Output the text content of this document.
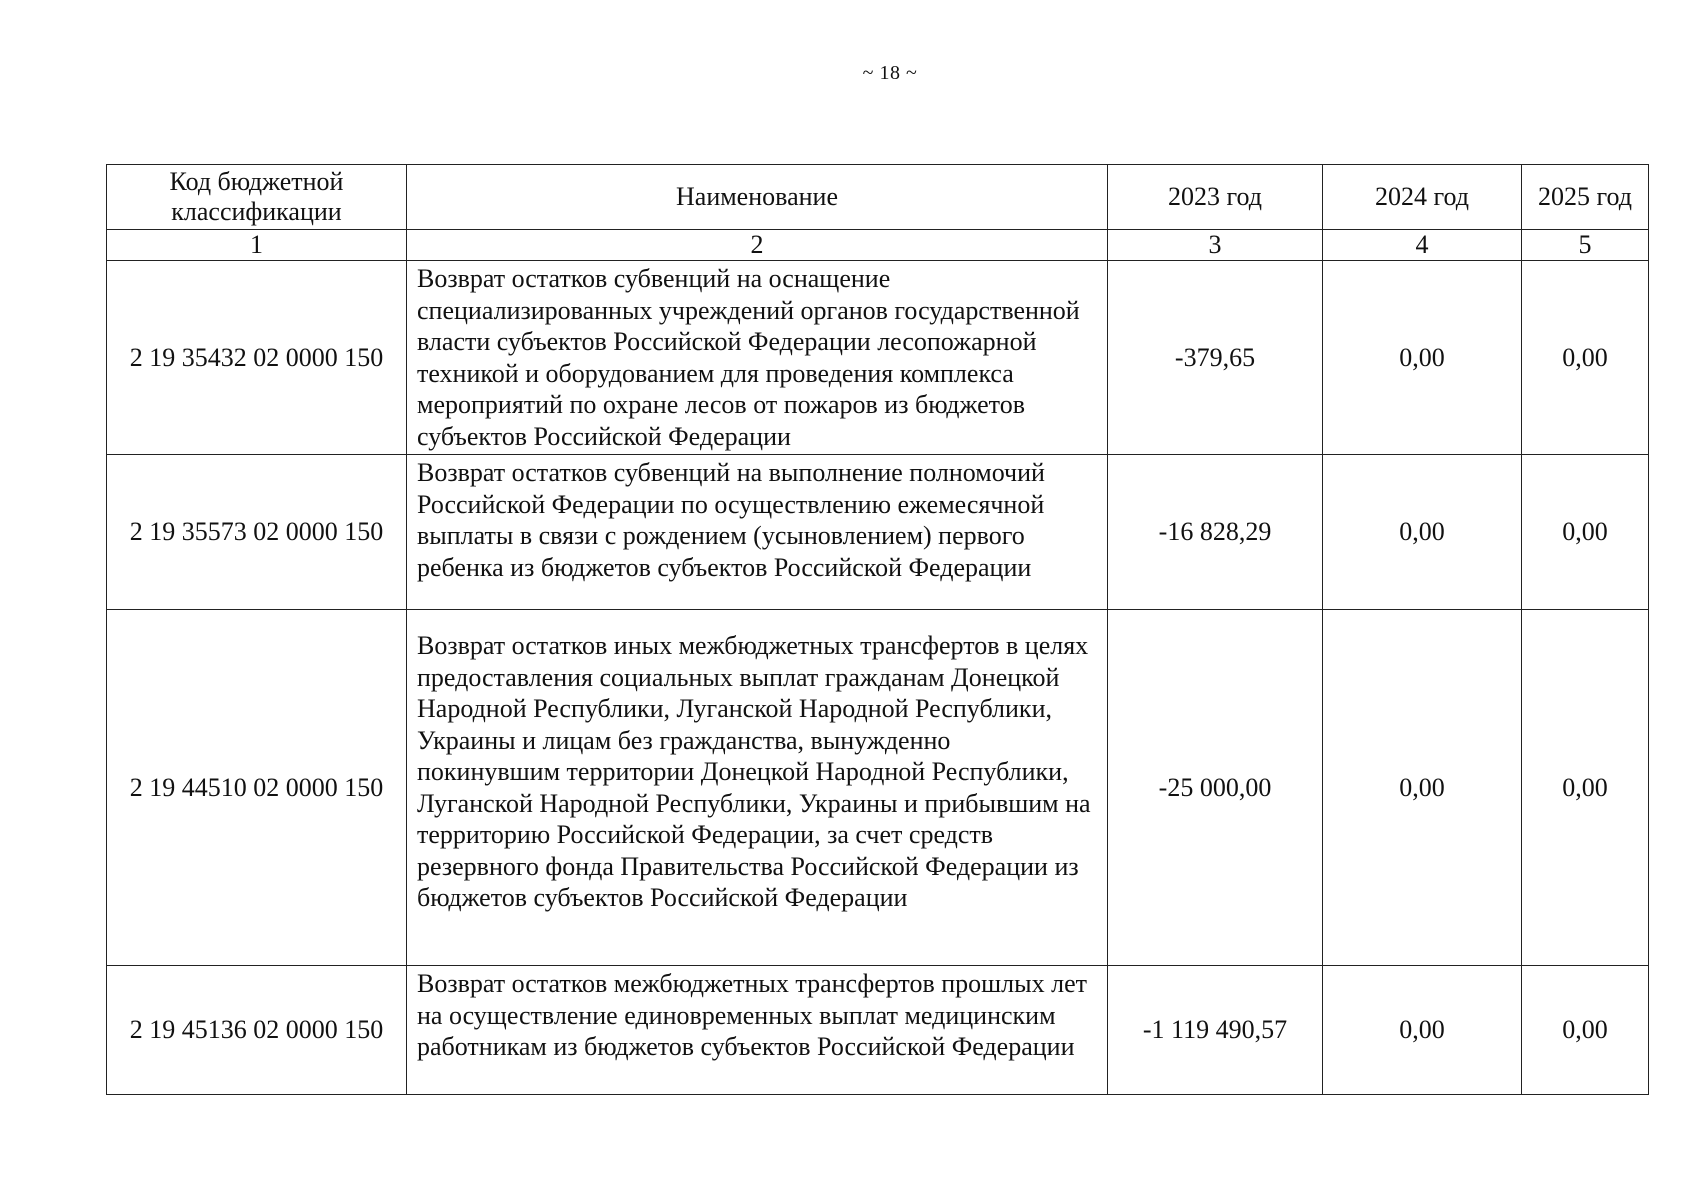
~ 18 ~
Код бюджетной классификации	Наименование	2023 год	2024 год	2025 год
1	2	3	4	5
2 19 35432 02 0000 150	Возврат остатков субвенций на оснащение специализированных учреждений органов государственной власти субъектов Российской Федерации лесопожарной техникой и оборудованием для проведения комплекса мероприятий по охране лесов от пожаров из бюджетов субъектов Российской Федерации	-379,65	0,00	0,00
2 19 35573 02 0000 150	Возврат остатков субвенций на выполнение полномочий Российской Федерации по осуществлению ежемесячной выплаты в связи с рождением (усыновлением) первого ребенка из бюджетов субъектов Российской Федерации	-16 828,29	0,00	0,00
2 19 44510 02 0000 150	Возврат остатков иных межбюджетных трансфертов в целях предоставления социальных выплат гражданам Донецкой Народной Республики, Луганской Народной Республики, Украины и лицам без гражданства, вынужденно покинувшим территории Донецкой Народной Республики, Луганской Народной Республики, Украины и прибывшим на территорию Российской Федерации, за счет средств резервного фонда Правительства Российской Федерации из бюджетов субъектов Российской Федерации	-25 000,00	0,00	0,00
2 19 45136 02 0000 150	Возврат остатков межбюджетных трансфертов прошлых лет на осуществление единовременных выплат медицинским работникам из бюджетов субъектов Российской Федерации	-1 119 490,57	0,00	0,00
